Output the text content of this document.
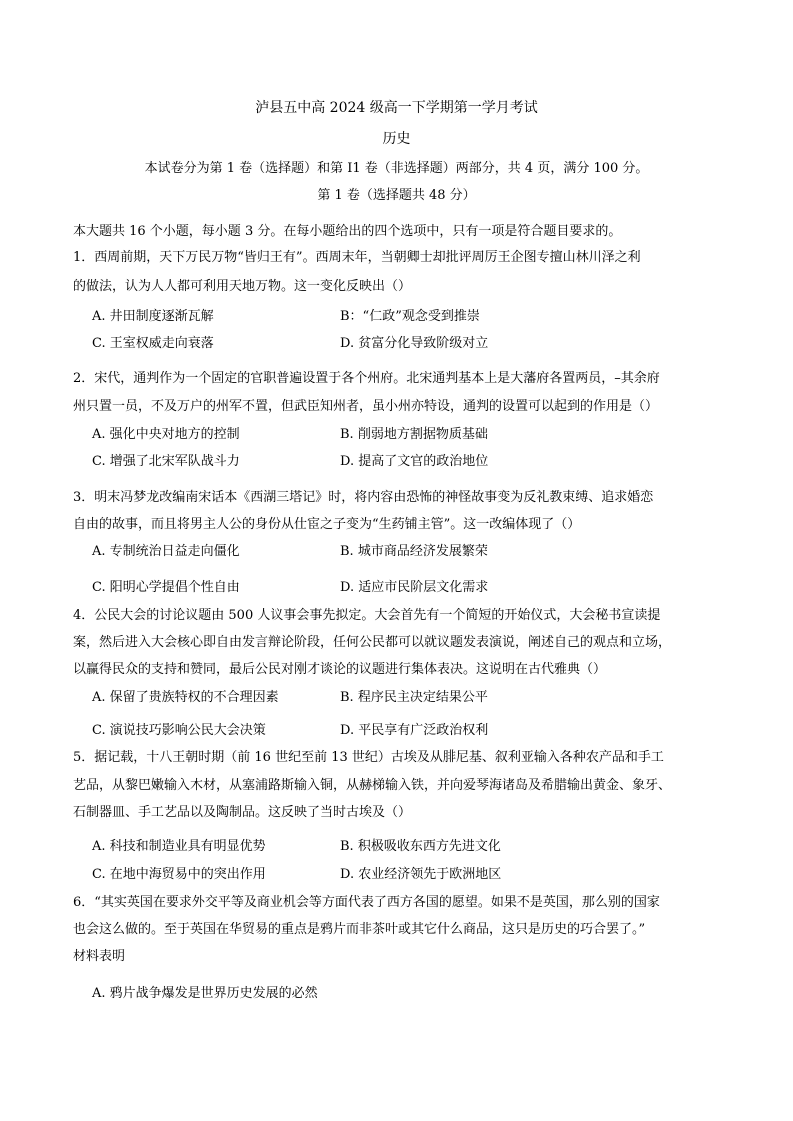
泸县五中高 2024 级高一下学期第一学月考试
历史
本试卷分为第 1 卷（选择题）和第 I1 卷（非选择题）两部分，共 4 页，满分 100 分。
第 1 卷（选择题共 48 分）
本大题共 16 个小题，每小题 3 分。在每小题给出的四个选项中，只有一项是符合题目要求的。
1．西周前期，天下万民万物“皆归王有”。西周末年，当朝卿士却批评周厉王企图专擅山林川泽之利
的做法，认为人人都可利用天地万物。这一变化反映出（）
A. 井田制度逐渐瓦解	B：“仁政”观念受到推崇
C. 王室权威走向衰落	D. 贫富分化导致阶级对立
2．宋代，通判作为一个固定的官职普遍设置于各个州府。北宋通判基本上是大藩府各置两员，–其余府
州只置一员，不及万户的州军不置，但武臣知州者，虽小州亦特设，通判的设置可以起到的作用是（）
A. 强化中央对地方的控制	B. 削弱地方割据物质基础
C. 增强了北宋军队战斗力	D. 提高了文官的政治地位
3．明末冯梦龙改编南宋话本《西湖三塔记》时，将内容由恐怖的神怪故事变为反礼教束缚、追求婚恋
自由的故事，而且将男主人公的身份从仕宦之子变为“生药铺主管”。这一改编体现了（）
A. 专制统治日益走向僵化	B. 城市商品经济发展繁荣
C. 阳明心学提倡个性自由	D. 适应市民阶层文化需求
4．公民大会的讨论议题由 500 人议事会事先拟定。大会首先有一个简短的开始仪式，大会秘书宣读提
案，然后进入大会核心即自由发言辩论阶段，任何公民都可以就议题发表演说，阐述自己的观点和立场，
以赢得民众的支持和赞同，最后公民对刚才谈论的议题进行集体表决。这说明在古代雅典（）
A. 保留了贵族特权的不合理因素	B. 程序民主决定结果公平
C. 演说技巧影响公民大会决策	D. 平民享有广泛政治权利
5．据记载，十八王朝时期（前 16 世纪至前 13 世纪）古埃及从腓尼基、叙利亚输入各种农产品和手工
艺品，从黎巴嫩输入木材，从塞浦路斯输入铜，从赫梯输入铁，并向爱琴海诸岛及希腊输出黄金、象牙、
石制器皿、手工艺品以及陶制品。这反映了当时古埃及（）
A. 科技和制造业具有明显优势	B. 积极吸收东西方先进文化
C. 在地中海贸易中的突出作用	D. 农业经济领先于欧洲地区
6．“其实英国在要求外交平等及商业机会等方面代表了西方各国的愿望。如果不是英国，那么别的国家
也会这么做的。至于英国在华贸易的重点是鸦片而非茶叶或其它什么商品，这只是历史的巧合罢了。”
材料表明
A. 鸦片战争爆发是世界历史发展的必然
